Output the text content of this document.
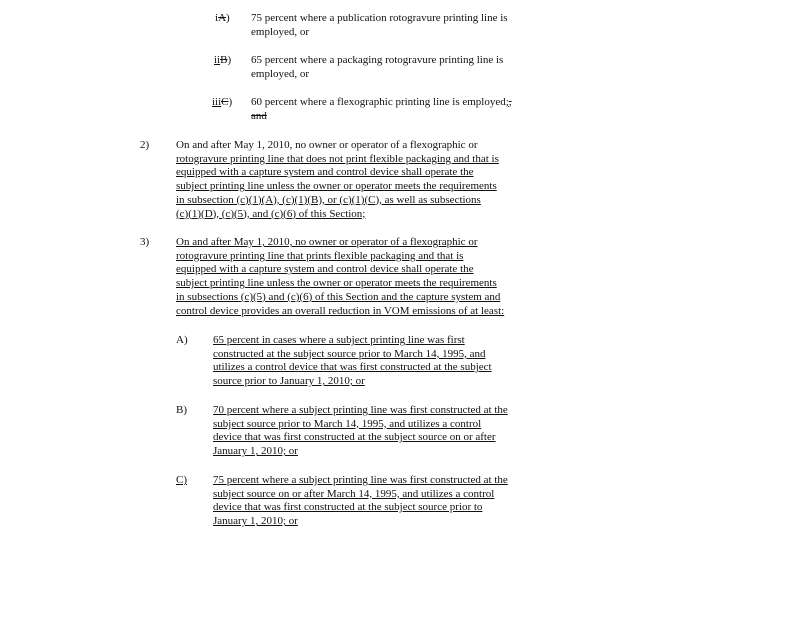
iA) 75 percent where a publication rotogravure printing line is
employed, or
iiB) 65 percent where a packaging rotogravure printing line is
employed, or
iiiC) 60 percent where a flexographic printing line is employed;,
and
2) On and after May 1, 2010, no owner or operator of a flexographic or
rotogravure printing line that does not print flexible packaging and that is
equipped with a capture system and control device shall operate the
subject printing line unless the owner or operator meets the requirements
in subsection (c)(1)(A), (c)(1)(B), or (c)(1)(C), as well as subsections
(c)(1)(D), (c)(5), and (c)(6) of this Section;
3) On and after May 1, 2010, no owner or operator of a flexographic or
rotogravure printing line that prints flexible packaging and that is
equipped with a capture system and control device shall operate the
subject printing line unless the owner or operator meets the requirements
in subsections (c)(5) and (c)(6) of this Section and the capture system and
control device provides an overall reduction in VOM emissions of at least:
A) 65 percent in cases where a subject printing line was first
constructed at the subject source prior to March 14, 1995, and
utilizes a control device that was first constructed at the subject
source prior to January 1, 2010; or
B) 70 percent where a subject printing line was first constructed at the
subject source prior to March 14, 1995, and utilizes a control
device that was first constructed at the subject source on or after
January 1, 2010; or
C) 75 percent where a subject printing line was first constructed at the
subject source on or after March 14, 1995, and utilizes a control
device that was first constructed at the subject source prior to
January 1, 2010; or
